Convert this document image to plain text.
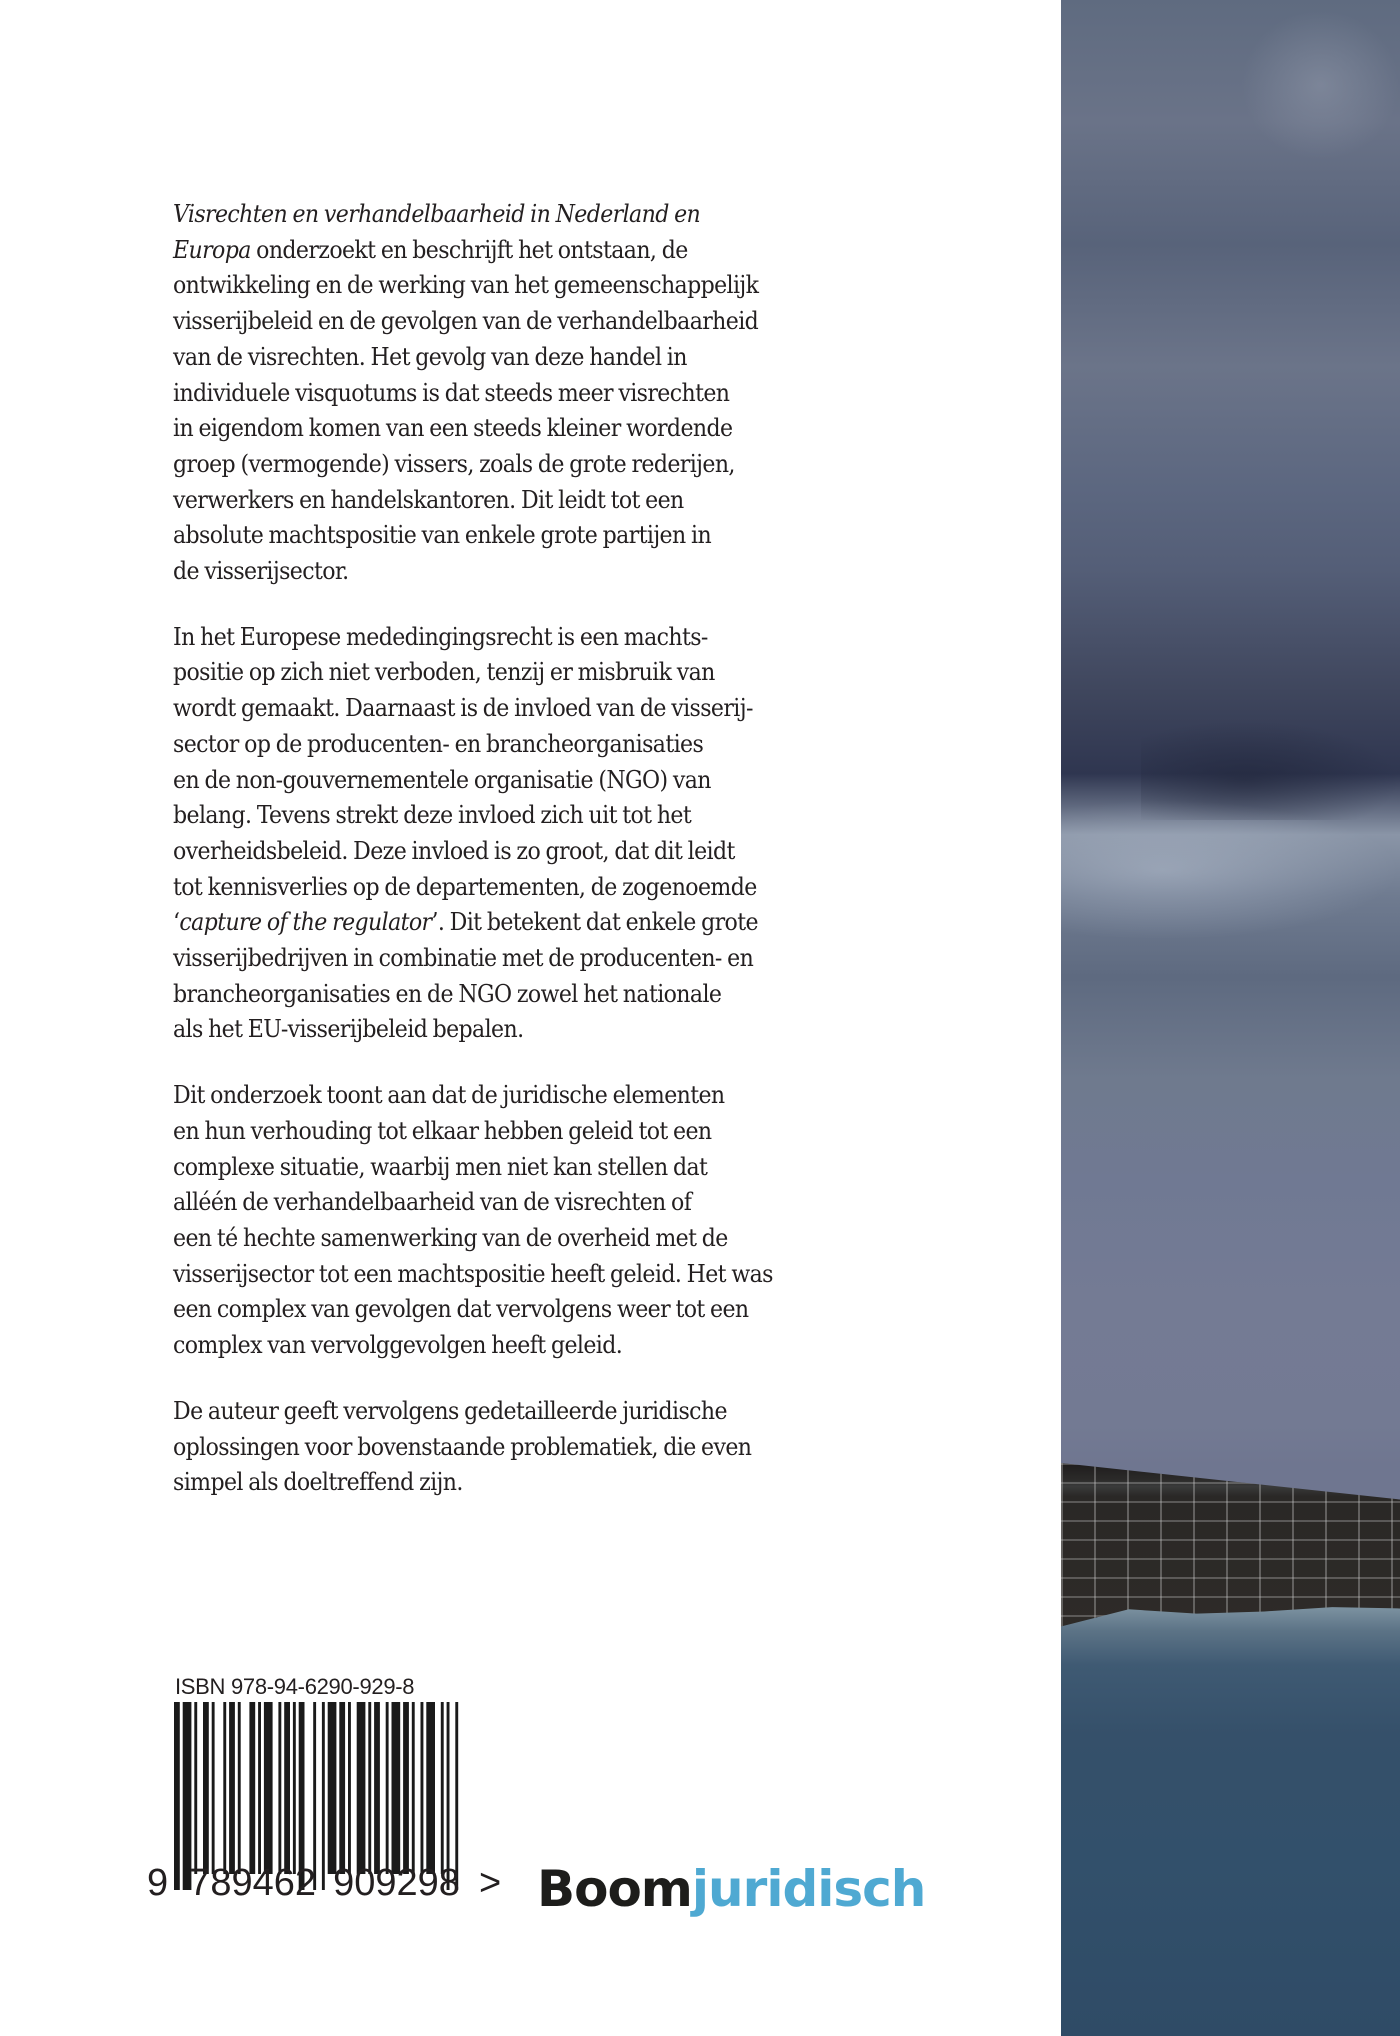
Visrechten en verhandelbaarheid in Nederland en
Europa onderzoekt en beschrijft het ontstaan, de
ontwikkeling en de werking van het gemeenschappelijk
visserijbeleid en de gevolgen van de verhandelbaarheid
van de visrechten. Het gevolg van deze handel in
individuele visquotums is dat steeds meer visrechten
in eigendom komen van een steeds kleiner wordende
groep (vermogende) vissers, zoals de grote rederijen,
verwerkers en handelskantoren. Dit leidt tot een
absolute machtspositie van enkele grote partijen in
de visserijsector.

In het Europese mededingingsrecht is een machts-
positie op zich niet verboden, tenzij er misbruik van
wordt gemaakt. Daarnaast is de invloed van de visserij-
sector op de producenten- en brancheorganisaties
en de non-gouvernementele organisatie (NGO) van
belang. Tevens strekt deze invloed zich uit tot het
overheidsbeleid. Deze invloed is zo groot, dat dit leidt
tot kennisverlies op de departementen, de zogenoemde
‘capture of the regulator’. Dit betekent dat enkele grote
visserijbedrijven in combinatie met de producenten- en
brancheorganisaties en de NGO zowel het nationale
als het EU-visserijbeleid bepalen.

Dit onderzoek toont aan dat de juridische elementen
en hun verhouding tot elkaar hebben geleid tot een
complexe situatie, waarbij men niet kan stellen dat
alléén de verhandelbaarheid van de visrechten of
een té hechte samenwerking van de overheid met de
visserijsector tot een machtspositie heeft geleid. Het was
een complex van gevolgen dat vervolgens weer tot een
complex van vervolggevolgen heeft geleid.

De auteur geeft vervolgens gedetailleerde juridische
oplossingen voor bovenstaande problematiek, die even
simpel als doeltreffend zijn.

ISBN 978-94-6290-929-8
9 789462 909298 > Boomjuridisch
